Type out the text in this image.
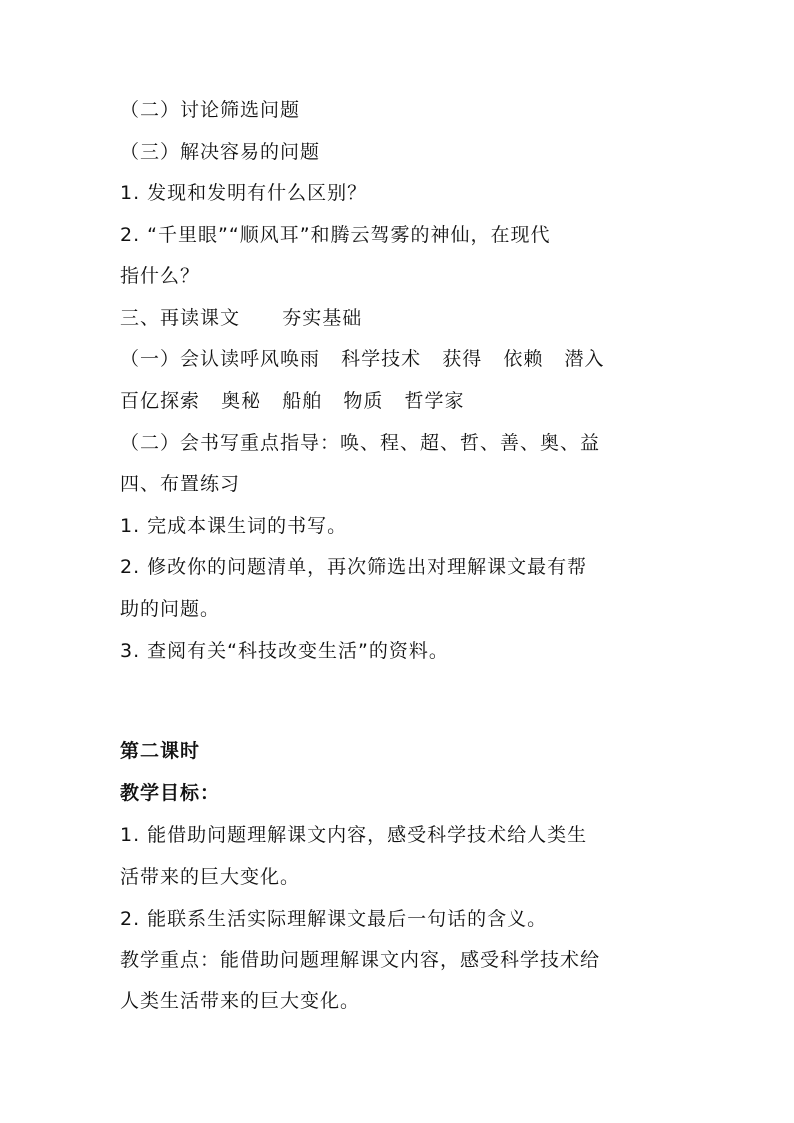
（二）讨论筛选问题
（三）解决容易的问题
1. 发现和发明有什么区别？
2. “千里眼”“顺风耳”和腾云驾雾的神仙，在现代
指什么？
三、再读课文      夯实基础
（一）会认读呼风唤雨   科学技术   获得   依赖   潜入
百亿探索   奥秘   船舶   物质   哲学家
（二）会书写重点指导：唤、程、超、哲、善、奥、益
四、布置练习
1. 完成本课生词的书写。
2. 修改你的问题清单，再次筛选出对理解课文最有帮
助的问题。
3. 查阅有关“科技改变生活”的资料。
第二课时
教学目标：
1. 能借助问题理解课文内容，感受科学技术给人类生
活带来的巨大变化。
2. 能联系生活实际理解课文最后一句话的含义。
教学重点：能借助问题理解课文内容，感受科学技术给
人类生活带来的巨大变化。
